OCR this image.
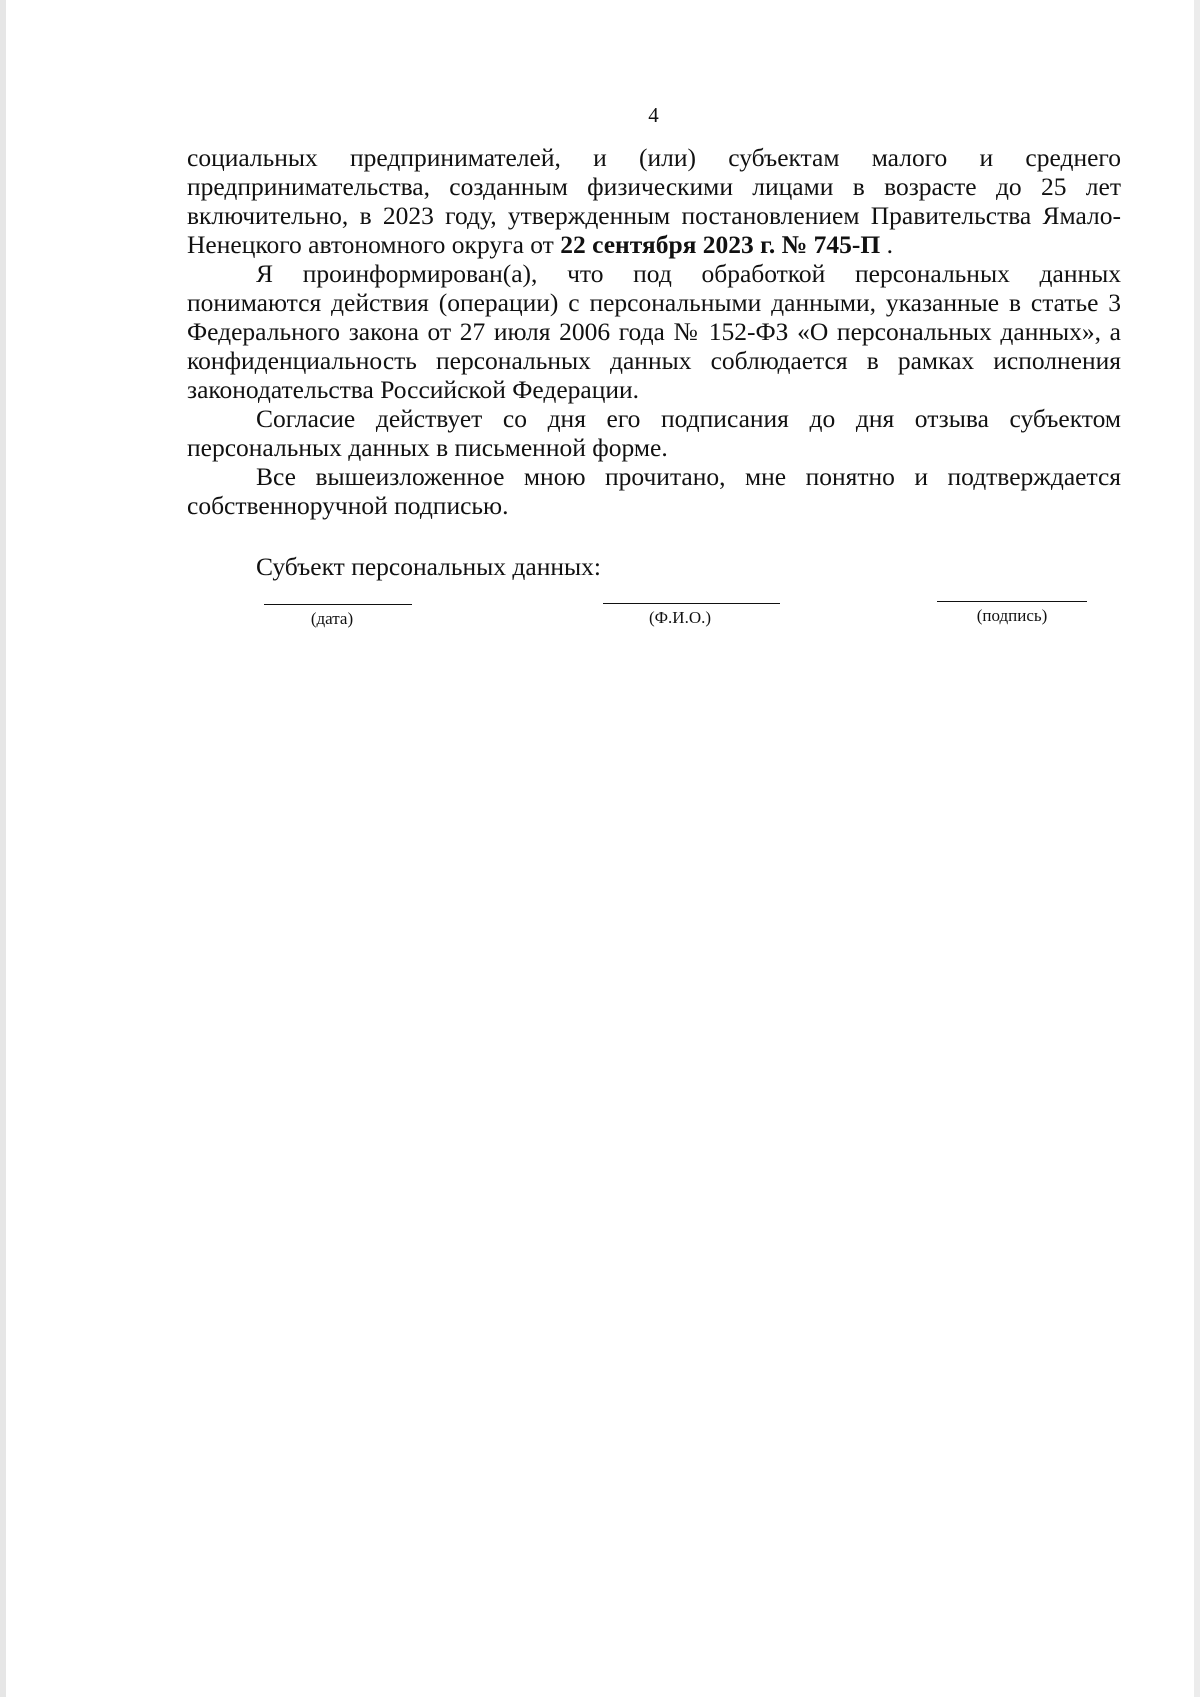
4

социальных предпринимателей, и (или) субъектам малого и среднего предпринимательства, созданным физическими лицами в возрасте до 25 лет включительно, в 2023 году, утвержденным постановлением Правительства Ямало-Ненецкого автономного округа от 22 сентября 2023 г. № 745-П .

Я проинформирован(а), что под обработкой персональных данных понимаются действия (операции) с персональными данными, указанные в статье 3 Федерального закона от 27 июля 2006 года № 152-ФЗ «О персональных данных», а конфиденциальность персональных данных соблюдается в рамках исполнения законодательства Российской Федерации.

Согласие действует со дня его подписания до дня отзыва субъектом персональных данных в письменной форме.

Все вышеизложенное мною прочитано, мне понятно и подтверждается собственноручной подписью.

Субъект персональных данных:
(дата)	(Ф.И.О.)	(подпись)
